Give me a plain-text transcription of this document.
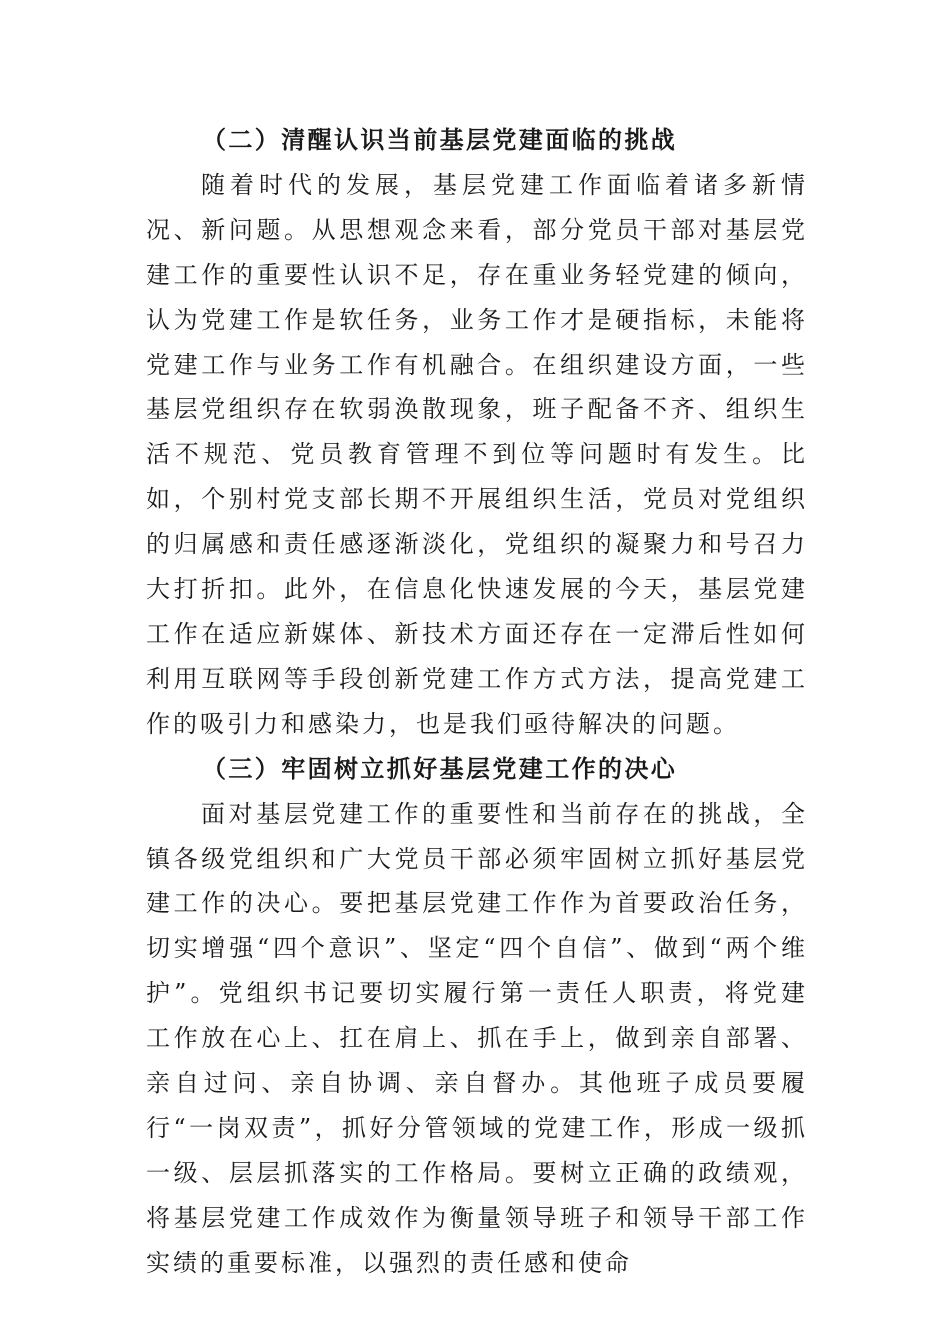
（二）清醒认识当前基层党建面临的挑战

随着时代的发展，基层党建工作面临着诸多新情况、新问题。从思想观念来看，部分党员干部对基层党建工作的重要性认识不足，存在重业务轻党建的倾向，认为党建工作是软任务，业务工作才是硬指标，未能将党建工作与业务工作有机融合。在组织建设方面，一些基层党组织存在软弱涣散现象，班子配备不齐、组织生活不规范、党员教育管理不到位等问题时有发生。比如，个别村党支部长期不开展组织生活，党员对党组织的归属感和责任感逐渐淡化，党组织的凝聚力和号召力大打折扣。此外，在信息化快速发展的今天，基层党建工作在适应新媒体、新技术方面还存在一定滞后性如何利用互联网等手段创新党建工作方式方法，提高党建工作的吸引力和感染力，也是我们亟待解决的问题。

（三）牢固树立抓好基层党建工作的决心

面对基层党建工作的重要性和当前存在的挑战，全镇各级党组织和广大党员干部必须牢固树立抓好基层党建工作的决心。要把基层党建工作作为首要政治任务，切实增强“四个意识”、坚定“四个自信”、做到“两个维护”。党组织书记要切实履行第一责任人职责，将党建工作放在心上、扛在肩上、抓在手上，做到亲自部署、亲自过问、亲自协调、亲自督办。其他班子成员要履行“一岗双责”，抓好分管领域的党建工作，形成一级抓一级、层层抓落实的工作格局。要树立正确的政绩观，将基层党建工作成效作为衡量领导班子和领导干部工作实绩的重要标准，以强烈的责任感和使命
